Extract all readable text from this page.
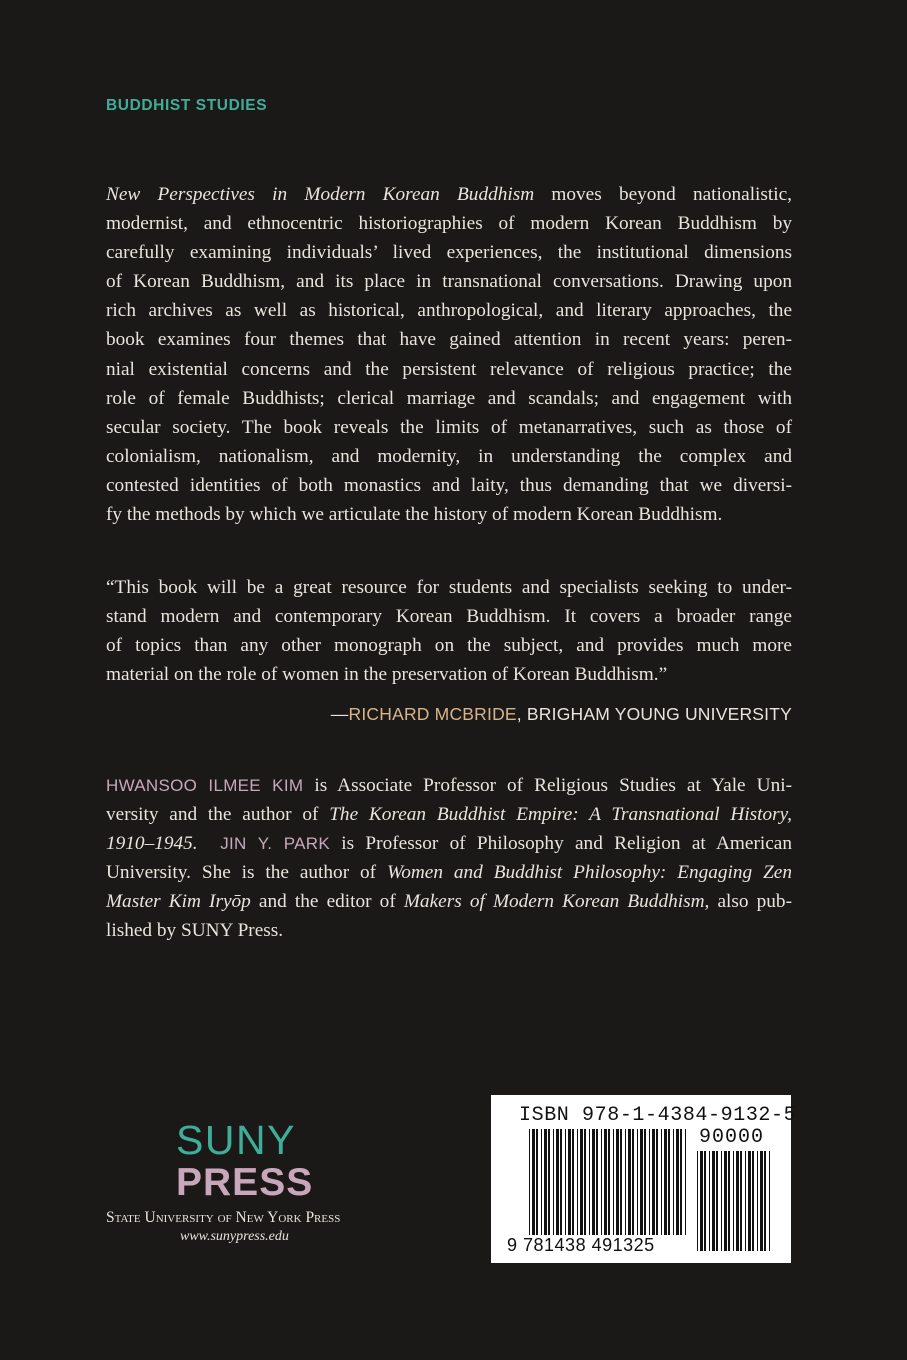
BUDDHIST STUDIES
New Perspectives in Modern Korean Buddhism moves beyond nationalistic,
modernist, and ethnocentric historiographies of modern Korean Buddhism by
carefully examining individuals’ lived experiences, the institutional dimensions
of Korean Buddhism, and its place in transnational conversations. Drawing upon
rich archives as well as historical, anthropological, and literary approaches, the
book examines four themes that have gained attention in recent years: peren-
nial existential concerns and the persistent relevance of religious practice; the
role of female Buddhists; clerical marriage and scandals; and engagement with
secular society. The book reveals the limits of metanarratives, such as those of
colonialism, nationalism, and modernity, in understanding the complex and
contested identities of both monastics and laity, thus demanding that we diversi-
fy the methods by which we articulate the history of modern Korean Buddhism.
“This book will be a great resource for students and specialists seeking to under-
stand modern and contemporary Korean Buddhism. It covers a broader range
of topics than any other monograph on the subject, and provides much more
material on the role of women in the preservation of Korean Buddhism.”
—RICHARD MCBRIDE, BRIGHAM YOUNG UNIVERSITY
HWANSOO ILMEE KIM is Associate Professor of Religious Studies at Yale Uni-
versity and the author of The Korean Buddhist Empire: A Transnational History,
1910–1945. JIN Y. PARK is Professor of Philosophy and Religion at American
University. She is the author of Women and Buddhist Philosophy: Engaging Zen
Master Kim Iryōp and the editor of Makers of Modern Korean Buddhism, also pub-
lished by SUNY Press.
SUNY
PRESS
State University of New York Press
www.sunypress.edu
ISBN 978-1-4384-9132-5
90000
9 781438 491325
